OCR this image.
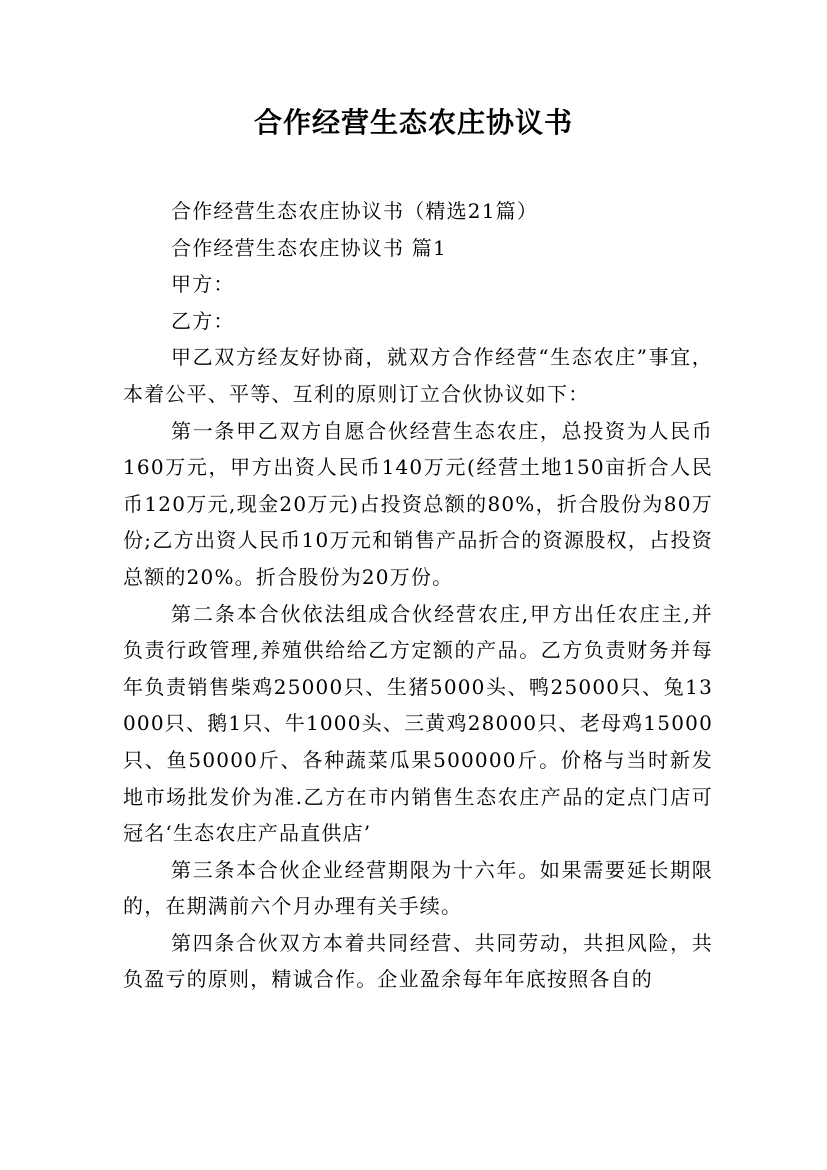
合作经营生态农庄协议书

合作经营生态农庄协议书（精选21篇）

合作经营生态农庄协议书 篇1

甲方：

乙方：

甲乙双方经友好协商，就双方合作经营“生态农庄”事宜，本着公平、平等、互利的原则订立合伙协议如下：

第一条甲乙双方自愿合伙经营生态农庄，总投资为人民币160万元，甲方出资人民币140万元(经营土地150亩折合人民币120万元,现金20万元)占投资总额的80%，折合股份为80万份;乙方出资人民币10万元和销售产品折合的资源股权，占投资总额的20%。折合股份为20万份。

第二条本合伙依法组成合伙经营农庄,甲方出任农庄主,并负责行政管理,养殖供给给乙方定额的产品。乙方负责财务并每年负责销售柴鸡25000只、生猪5000头、鸭25000只、兔13000只、鹅1只、牛1000头、三黄鸡28000只、老母鸡15000只、鱼50000斤、各种蔬菜瓜果500000斤。价格与当时新发地市场批发价为准.乙方在市内销售生态农庄产品的定点门店可冠名‘生态农庄产品直供店’

第三条本合伙企业经营期限为十六年。如果需要延长期限的，在期满前六个月办理有关手续。

第四条合伙双方本着共同经营、共同劳动，共担风险，共负盈亏的原则，精诚合作。企业盈余每年年底按照各自的
